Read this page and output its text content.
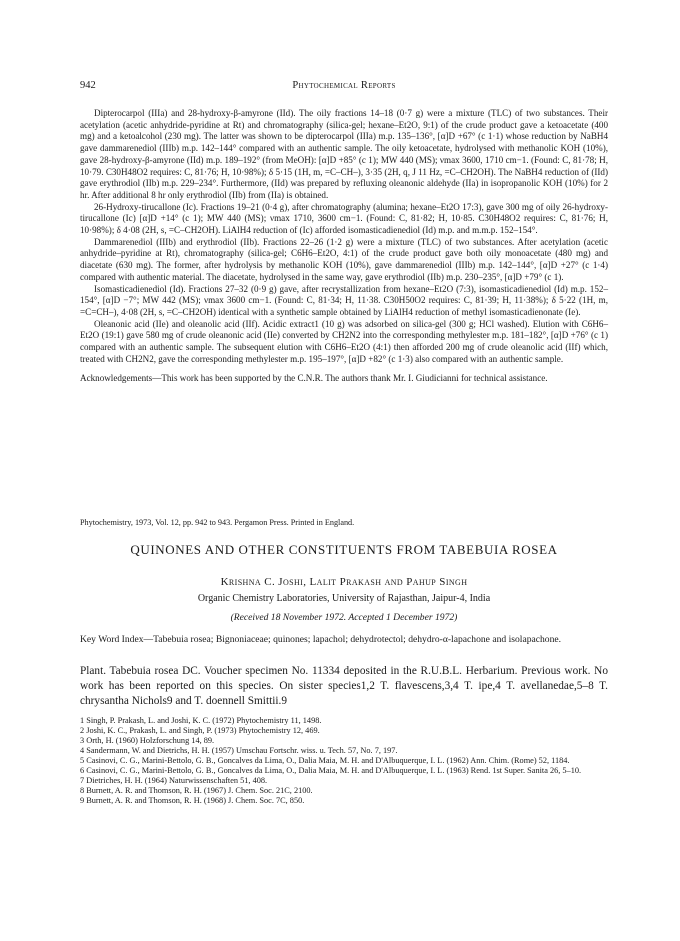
942	Phytochemical Reports

Dipterocarpol (IIIa) and 28-hydroxy-β-amyrone (IId). The oily fractions 14–18 (0·7 g) were a mixture (TLC) of two substances. Their acetylation (acetic anhydride-pyridine at Rt) and chromatography (silica-gel; hexane–Et2O, 9:1) of the crude product gave a ketoacetate (400 mg) and a ketoalcohol (230 mg). The latter was shown to be dipterocarpol (IIIa) m.p. 135–136°, [α]D +67° (c 1·1) whose reduction by NaBH4 gave dammarenediol (IIIb) m.p. 142–144° compared with an authentic sample. The oily ketoacetate, hydrolysed with methanolic KOH (10%), gave 28-hydroxy-β-amyrone (IId) m.p. 189–192° (from MeOH): [α]D +85° (c 1); MW 440 (MS); νmax 3600, 1710 cm−1. (Found: C, 81·78; H, 10·79. C30H48O2 requires: C, 81·76; H, 10·98%); δ 5·15 (1H, m, =C–CH–), 3·35 (2H, q, J 11 Hz, =C–CH2OH). The NaBH4 reduction of (IId) gave erythrodiol (IIb) m.p. 229–234°. Furthermore, (IId) was prepared by refluxing oleanonic aldehyde (IIa) in isopropanolic KOH (10%) for 2 hr. After additional 8 hr only erythrodiol (IIb) from (IIa) is obtained.

26-Hydroxy-tirucallone (Ic). Fractions 19–21 (0·4 g), after chromatography (alumina; hexane–Et2O 17:3), gave 300 mg of oily 26-hydroxy-tirucallone (Ic) [α]D +14° (c 1); MW 440 (MS); νmax 1710, 3600 cm−1. (Found: C, 81·82; H, 10·85. C30H48O2 requires: C, 81·76; H, 10·98%); δ 4·08 (2H, s, =C–CH2OH). LiAlH4 reduction of (Ic) afforded isomasticadienediol (Id) m.p. and m.m.p. 152–154°.

Dammarenediol (IIIb) and erythrodiol (IIb). Fractions 22–26 (1·2 g) were a mixture (TLC) of two substances. After acetylation (acetic anhydride–pyridine at Rt), chromatography (silica-gel; C6H6–Et2O, 4:1) of the crude product gave both oily monoacetate (480 mg) and diacetate (630 mg). The former, after hydrolysis by methanolic KOH (10%), gave dammarenediol (IIIb) m.p. 142–144°, [α]D +27° (c 1·4) compared with authentic material. The diacetate, hydrolysed in the same way, gave erythrodiol (IIb) m.p. 230–235°, [α]D +79° (c 1).

Isomasticadienediol (Id). Fractions 27–32 (0·9 g) gave, after recrystallization from hexane–Et2O (7:3), isomasticadienediol (Id) m.p. 152–154°, [α]D −7°; MW 442 (MS); νmax 3600 cm−1. (Found: C, 81·34; H, 11·38. C30H50O2 requires: C, 81·39; H, 11·38%); δ 5·22 (1H, m, =C=CH–), 4·08 (2H, s, =C–CH2OH) identical with a synthetic sample obtained by LiAlH4 reduction of methyl isomasticadienonate (Ie).

Oleanonic acid (IIe) and oleanolic acid (IIf). Acidic extract1 (10 g) was adsorbed on silica-gel (300 g; HCl washed). Elution with C6H6–Et2O (19:1) gave 580 mg of crude oleanonic acid (IIe) converted by CH2N2 into the corresponding methylester m.p. 181–182°, [α]D +76° (c 1) compared with an authentic sample. The subsequent elution with C6H6–Et2O (4:1) then afforded 200 mg of crude oleanolic acid (IIf) which, treated with CH2N2, gave the corresponding methylester m.p. 195–197°, [α]D +82° (c 1·3) also compared with an authentic sample.

Acknowledgements—This work has been supported by the C.N.R. The authors thank Mr. I. Giudicianni for technical assistance.

Phytochemistry, 1973, Vol. 12, pp. 942 to 943. Pergamon Press. Printed in England.
QUINONES AND OTHER CONSTITUENTS FROM TABEBUIA ROSEA
Krishna C. Joshi, Lalit Prakash and Pahup Singh
Organic Chemistry Laboratories, University of Rajasthan, Jaipur-4, India
(Received 18 November 1972. Accepted 1 December 1972)
Key Word Index—Tabebuia rosea; Bignoniaceae; quinones; lapachol; dehydrotectol; dehydro-α-lapachone and isolapachone.
Plant. Tabebuia rosea DC. Voucher specimen No. 11334 deposited in the R.U.B.L. Herbarium. Previous work. No work has been reported on this species. On sister species1,2 T. flavescens,3,4 T. ipe,4 T. avellanedae,5–8 T. chrysantha Nichols9 and T. doennell Smittii.9
1 Singh, P. Prakash, L. and Joshi, K. C. (1972) Phytochemistry 11, 1498.
2 Joshi, K. C., Prakash, L. and Singh, P. (1973) Phytochemistry 12, 469.
3 Orth, H. (1960) Holzforschung 14, 89.
4 Sandermann, W. and Dietrichs, H. H. (1957) Umschau Fortschr. wiss. u. Tech. 57, No. 7, 197.
5 Casinovi, C. G., Marini-Bettolo, G. B., Goncalves da Lima, O., Dalia Maia, M. H. and D'Albuquerque, I. L. (1962) Ann. Chim. (Rome) 52, 1184.
6 Casinovi, C. G., Marini-Bettolo, G. B., Goncalves da Lima, O., Dalia Maia, M. H. and D'Albuquerque, I. L. (1963) Rend. 1st Super. Sanita 26, 5–10.
7 Dietriches, H. H. (1964) Naturwissenschaften 51, 408.
8 Burnett, A. R. and Thomson, R. H. (1967) J. Chem. Soc. 21C, 2100.
9 Burnett, A. R. and Thomson, R. H. (1968) J. Chem. Soc. 7C, 850.
